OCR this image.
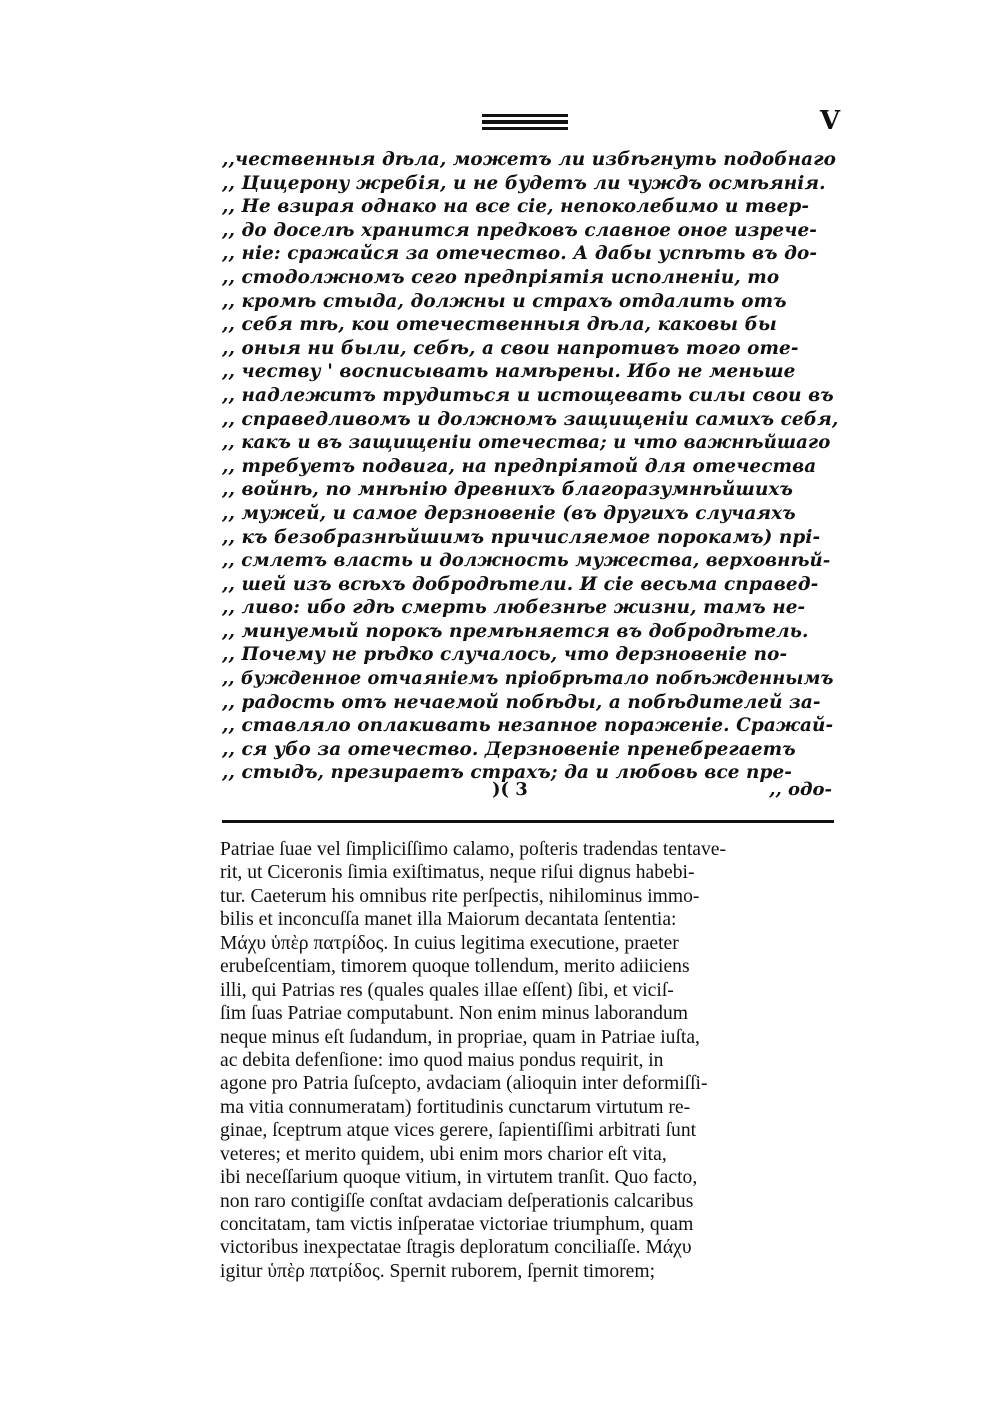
V
,,чественныя дѣла, можетъ ли избѣгнуть подобнаго
,, Цицерону жребія, и не будетъ ли чуждъ осмѣянія.
,, Не взирая однако на все сіе, непоколебимо и твер-
,, до доселѣ хранится предковъ славное оное изрече-
,, ніе: сражайся за отечество. А дабы успѣть въ до-
,, стодолжномъ сего предпріятія исполненіи, то
,, кромѣ стыда, должны и страхъ отдалить отъ
,, себя тѣ, кои отечественныя дѣла, каковы бы
,, оныя ни были, себѣ, а свои напротивъ того оте-
,, честву ' восписывать намѣрены. Ибо не меньше
,, надлежитъ трудиться и истощевать силы свои въ
,, справедливомъ и должномъ защищеніи самихъ себя,
,, какъ и въ защищеніи отечества; и что важнѣйшаго
,, требуетъ подвига, на предпріятой для отечества
,, войнѣ, по мнѣнію древнихъ благоразумнѣйшихъ
,, мужей, и самое дерзновеніе (въ другихъ случаяхъ
,, къ безобразнѣйшимъ причисляемое порокамъ) прі-
,, смлетъ власть и должность мужества, верховнѣй-
,, шей изъ всѣхъ добродѣтели. И сіе весьма справед-
,, ливо: ибо гдѣ смерть любезнѣе жизни, тамъ не-
,, минуемый порокъ премѣняется въ добродѣтель.
,, Почему не рѣдко случалось, что дерзновеніе по-
,, бужденное отчаяніемъ пріобрѣтало побѣжденнымъ
,, радость отъ нечаемой побѣды, а побѣдителей за-
,, ставляло оплакивать незапное пораженіе. Сражай-
,, ся убо за отечество. Дерзновеніе пренебрегаетъ
,, стыдъ, презираетъ страхъ; да и любовь все пре-
)( 3	,, одо-
Patriae ſuae vel ſimpliciſſimo calamo, poſteris tradendas tentave-
rit, ut Ciceronis ſimia exiſtimatus, neque riſui dignus habebi-
tur. Caeterum his omnibus rite perſpectis, nihilominus immo-
bilis et inconcuſſa manet illa Maiorum decantata ſententia:
Μάχυ ὑπὲρ πατρίδος. In cuius legitima executione, praeter
erubeſcentiam, timorem quoque tollendum, merito adiiciens
illi, qui Patrias res (quales quales illae eſſent) ſibi, et viciſ-
ſim ſuas Patriae computabunt. Non enim minus laborandum
neque minus eſt ſudandum, in propriae, quam in Patriae iuſta,
ac debita defenſione: imo quod maius pondus requirit, in
agone pro Patria ſuſcepto, avdaciam (alioquin inter deformiſſi-
ma vitia connumeratam) fortitudinis cunctarum virtutum re-
ginae, ſceptrum atque vices gerere, ſapientiſſimi arbitrati ſunt
veteres; et merito quidem, ubi enim mors charior eſt vita,
ibi neceſſarium quoque vitium, in virtutem tranſit. Quo facto,
non raro contigiſſe conſtat avdaciam deſperationis calcaribus
concitatam, tam victis inſperatae victoriae triumphum, quam
victoribus inexpectatae ſtragis deploratum conciliaſſe. Μάχυ
igitur ὑπὲρ πατρίδος. Spernit ruborem, ſpernit timorem;
